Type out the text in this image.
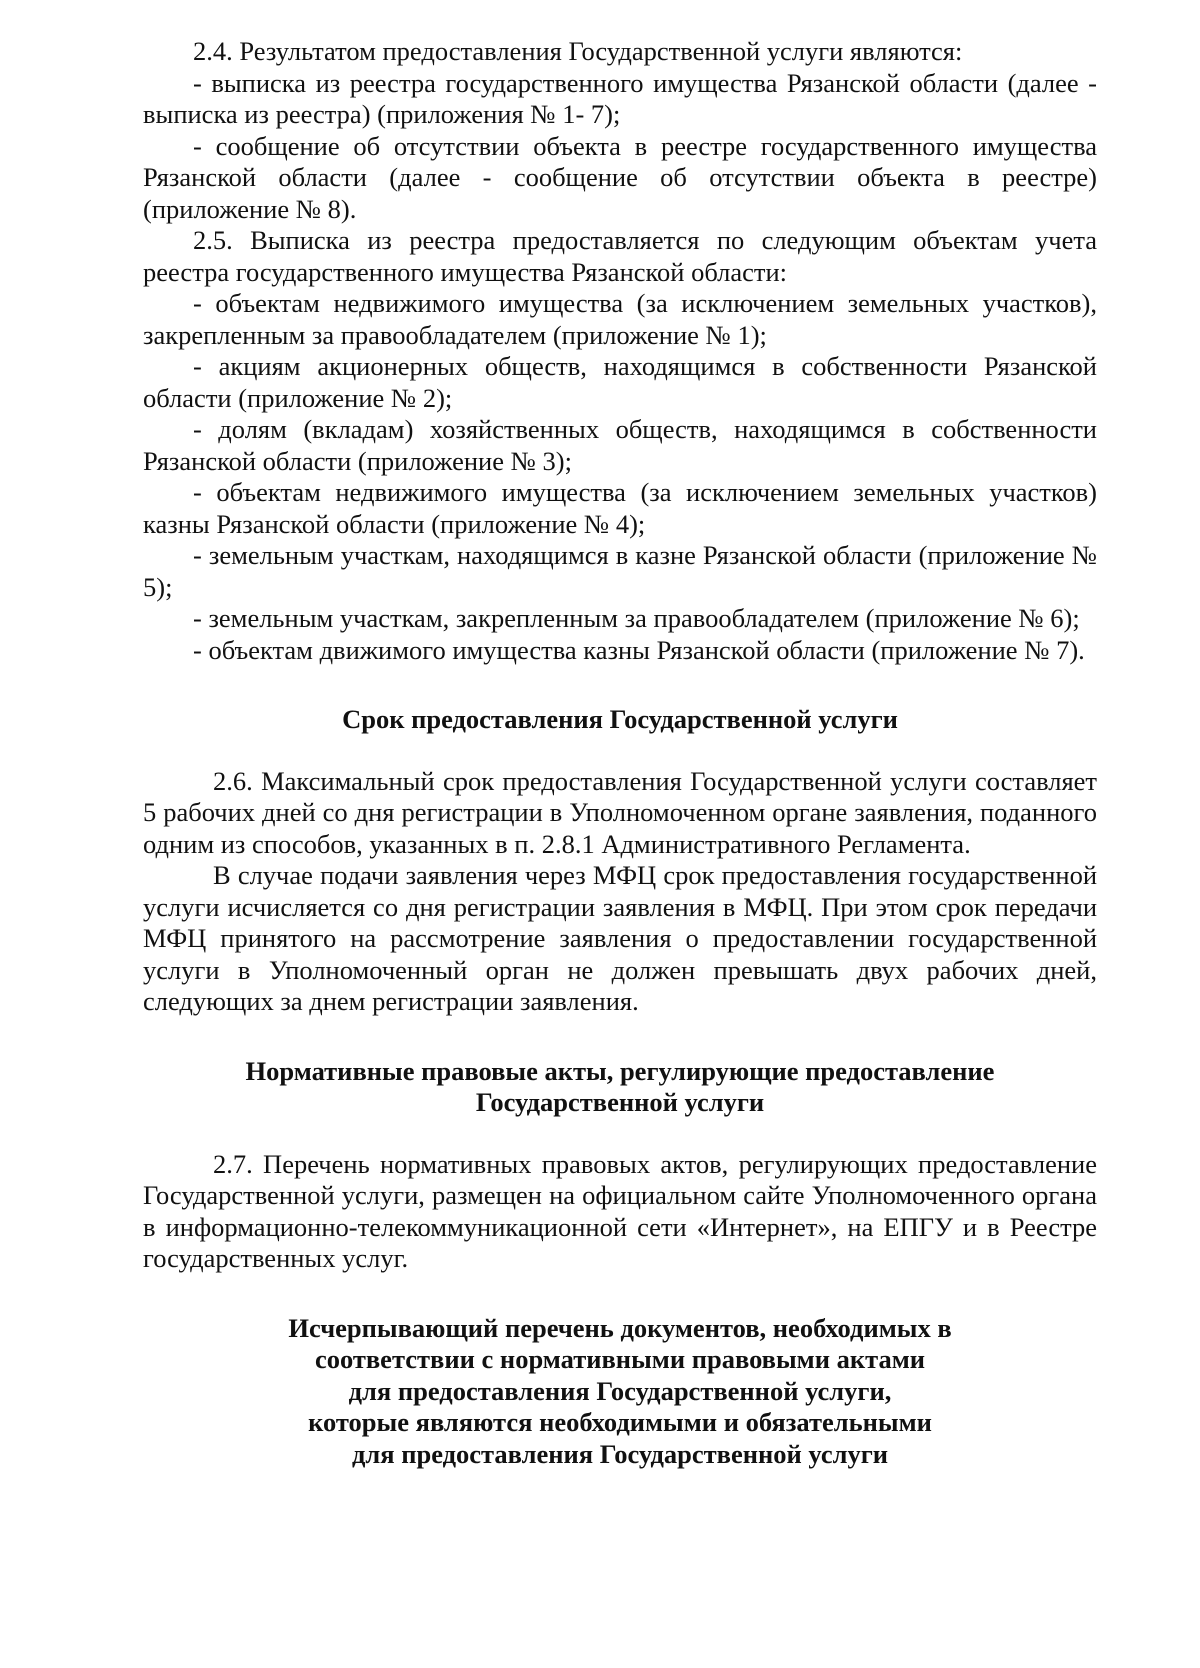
2.4. Результатом предоставления Государственной услуги являются:

- выписка из реестра государственного имущества Рязанской области (далее - выписка из реестра) (приложения № 1- 7);

- сообщение об отсутствии объекта в реестре государственного имущества Рязанской области (далее - сообщение об отсутствии объекта в реестре) (приложение № 8).

2.5. Выписка из реестра предоставляется по следующим объектам учета реестра государственного имущества Рязанской области:

- объектам недвижимого имущества (за исключением земельных участков), закрепленным за правообладателем (приложение № 1);

- акциям акционерных обществ, находящимся в собственности Рязанской области (приложение № 2);

- долям (вкладам) хозяйственных обществ, находящимся в собственности Рязанской области (приложение № 3);

- объектам недвижимого имущества (за исключением земельных участков) казны Рязанской области (приложение № 4);

- земельным участкам, находящимся в казне Рязанской области (приложение № 5);

- земельным участкам, закрепленным за правообладателем (приложение № 6);

- объектам движимого имущества казны Рязанской области (приложение № 7).

Срок предоставления Государственной услуги

2.6. Максимальный срок предоставления Государственной услуги составляет 5 рабочих дней со дня регистрации в Уполномоченном органе заявления, поданного одним из способов, указанных в п. 2.8.1 Административного Регламента.

В случае подачи заявления через МФЦ срок предоставления государственной услуги исчисляется со дня регистрации заявления в МФЦ. При этом срок передачи МФЦ принятого на рассмотрение заявления о предоставлении государственной услуги в Уполномоченный орган не должен превышать двух рабочих дней, следующих за днем регистрации заявления.

Нормативные правовые акты, регулирующие предоставление
Государственной услуги

2.7. Перечень нормативных правовых актов, регулирующих предоставление Государственной услуги, размещен на официальном сайте Уполномоченного органа в информационно-телекоммуникационной сети «Интернет», на ЕПГУ и в Реестре государственных услуг.

Исчерпывающий перечень документов, необходимых в
соответствии с нормативными правовыми актами
для предоставления Государственной услуги,
которые являются необходимыми и обязательными
для предоставления Государственной услуги
